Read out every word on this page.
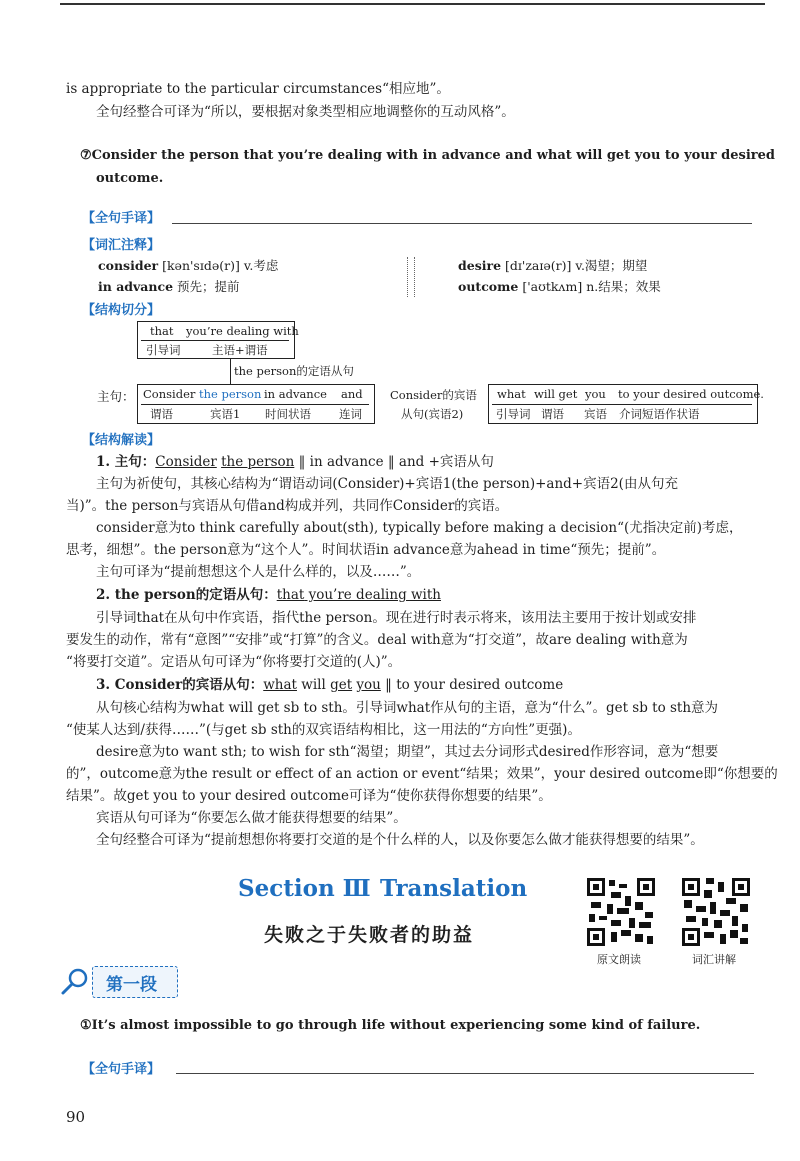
is appropriate to the particular circumstances“相应地”。
全句经整合可译为“所以，要根据对象类型相应地调整你的互动风格”。
⑦Consider the person that you’re dealing with in advance and what will get you to your desired
outcome.
【全句手译】
【词汇注释】
consider [kən'sɪdə(r)] v.考虑
in advance 预先；提前
desire [dɪ'zaɪə(r)] v.渴望；期望
outcome ['aʊtkʌm] n.结果；效果
【结构切分】
that you’re dealing with
引导词	主语+谓语
the person的定语从句
主句： Consider the person in advance and
谓语	宾语1 时间状语 连词
Consider的宾语
从句(宾语2)
what will get you to your desired outcome.
引导词 谓语 宾语 介词短语作状语
【结构解读】
1. 主句：Consider the person ‖ in advance ‖ and +宾语从句
主句为祈使句，其核心结构为“谓语动词(Consider)+宾语1(the person)+and+宾语2(由从句充
当)”。the person与宾语从句借and构成并列，共同作Consider的宾语。
consider意为to think carefully about(sth), typically before making a decision“(尤指决定前)考虑，
思考，细想”。the person意为“这个人”。时间状语in advance意为ahead in time“预先；提前”。
主句可译为“提前想想这个人是什么样的，以及……”。
2. the person的定语从句：that you’re dealing with
引导词that在从句中作宾语，指代the person。现在进行时表示将来，该用法主要用于按计划或安排
要发生的动作，常有“意图”“安排”或“打算”的含义。deal with意为“打交道”，故are dealing with意为
“将要打交道”。定语从句可译为“你将要打交道的(人)”。
3. Consider的宾语从句：what will get you ‖ to your desired outcome
从句核心结构为what will get sb to sth。引导词what作从句的主语，意为“什么”。get sb to sth意为
“使某人达到/获得……”(与get sb sth的双宾语结构相比，这一用法的“方向性”更强)。
desire意为to want sth; to wish for sth“渴望；期望”，其过去分词形式desired作形容词，意为“想要
的”，outcome意为the result or effect of an action or event“结果；效果”，your desired outcome即“你想要的
结果”。故get you to your desired outcome可译为“使你获得你想要的结果”。
宾语从句可译为“你要怎么做才能获得想要的结果”。
全句经整合可译为“提前想想你将要打交道的是个什么样的人，以及你要怎么做才能获得想要的结果”。
Section Ⅲ Translation
失败之于失败者的助益
原文朗读	词汇讲解
第一段
①It’s almost impossible to go through life without experiencing some kind of failure.
【全句手译】
90
